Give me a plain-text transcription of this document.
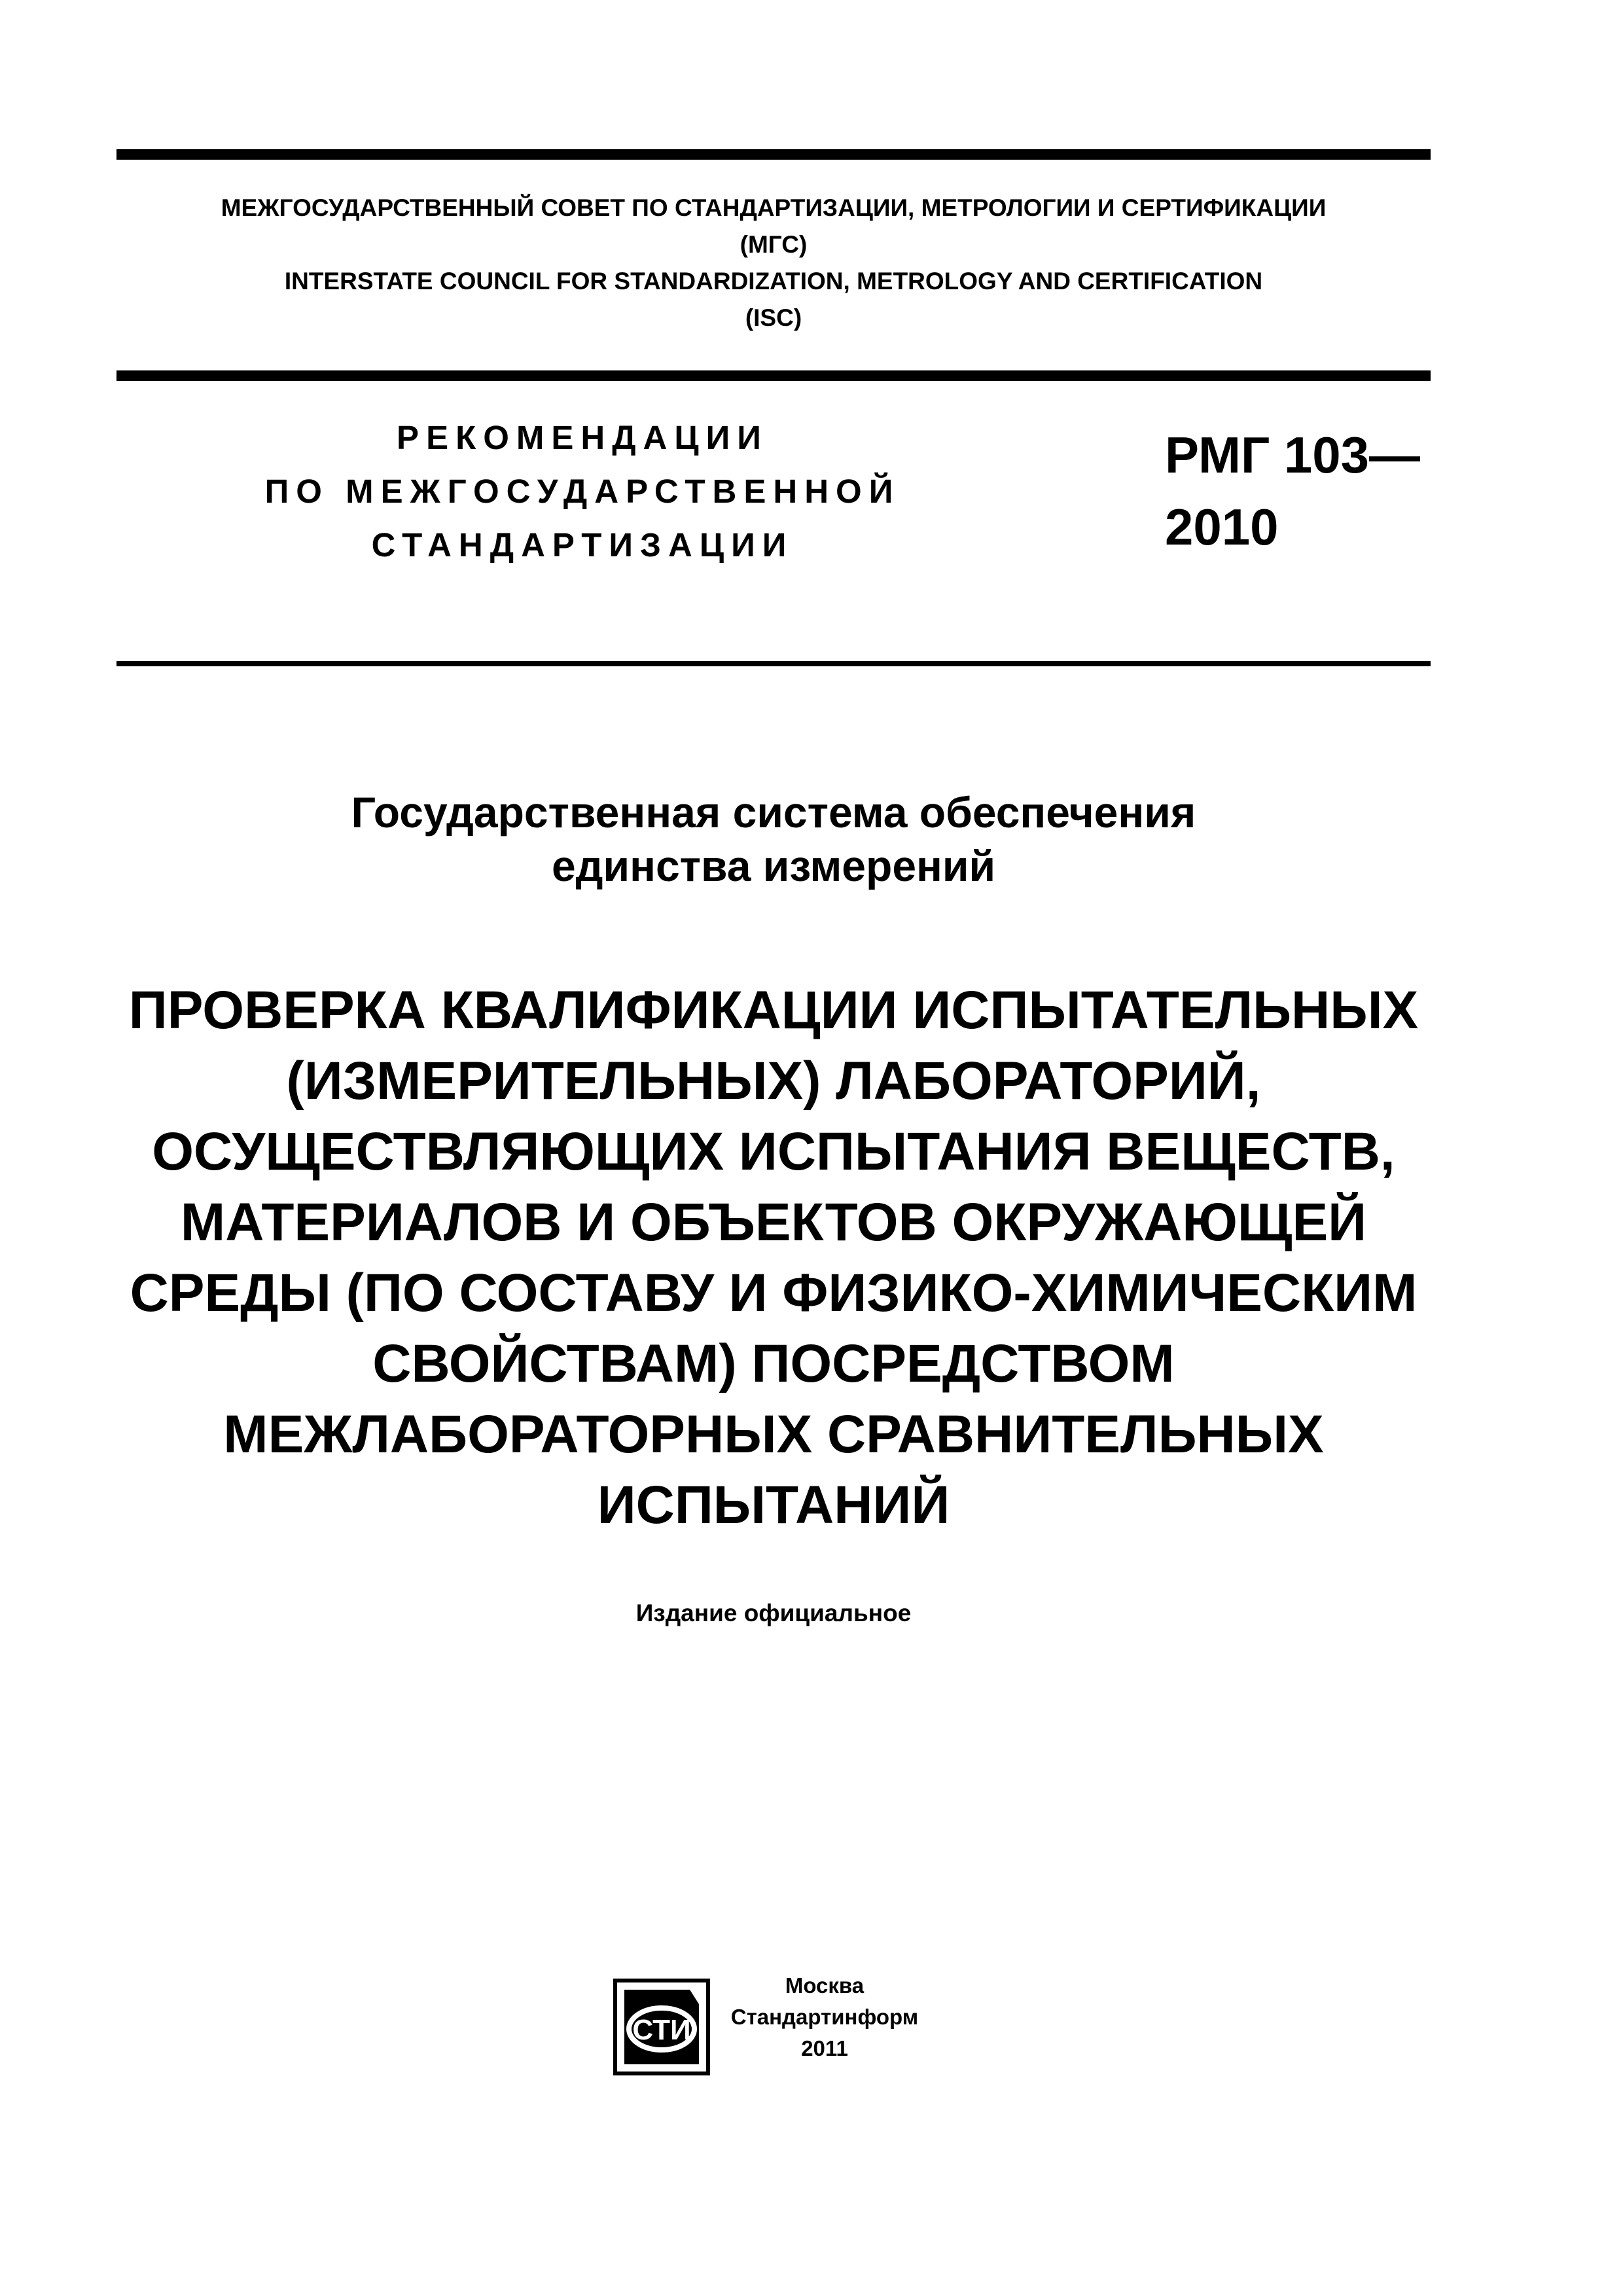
МЕЖГОСУДАРСТВЕННЫЙ СОВЕТ ПО СТАНДАРТИЗАЦИИ, МЕТРОЛОГИИ И СЕРТИФИКАЦИИ
(МГС)
INTERSTATE COUNCIL FOR STANDARDIZATION, METROLOGY AND CERTIFICATION
(ISC)
РЕКОМЕНДАЦИИ
ПО МЕЖГОСУДАРСТВЕННОЙ
СТАНДАРТИЗАЦИИ
РМГ 103—
2010
Государственная система обеспечения
единства измерений
ПРОВЕРКА КВАЛИФИКАЦИИ ИСПЫТАТЕЛЬНЫХ
(ИЗМЕРИТЕЛЬНЫХ) ЛАБОРАТОРИЙ,
ОСУЩЕСТВЛЯЮЩИХ ИСПЫТАНИЯ ВЕЩЕСТВ,
МАТЕРИАЛОВ И ОБЪЕКТОВ ОКРУЖАЮЩЕЙ
СРЕДЫ (ПО СОСТАВУ И ФИЗИКО-ХИМИЧЕСКИМ
СВОЙСТВАМ) ПОСРЕДСТВОМ
МЕЖЛАБОРАТОРНЫХ СРАВНИТЕЛЬНЫХ
ИСПЫТАНИЙ
Издание официальное
СТИ
Москва
Стандартинформ
2011
